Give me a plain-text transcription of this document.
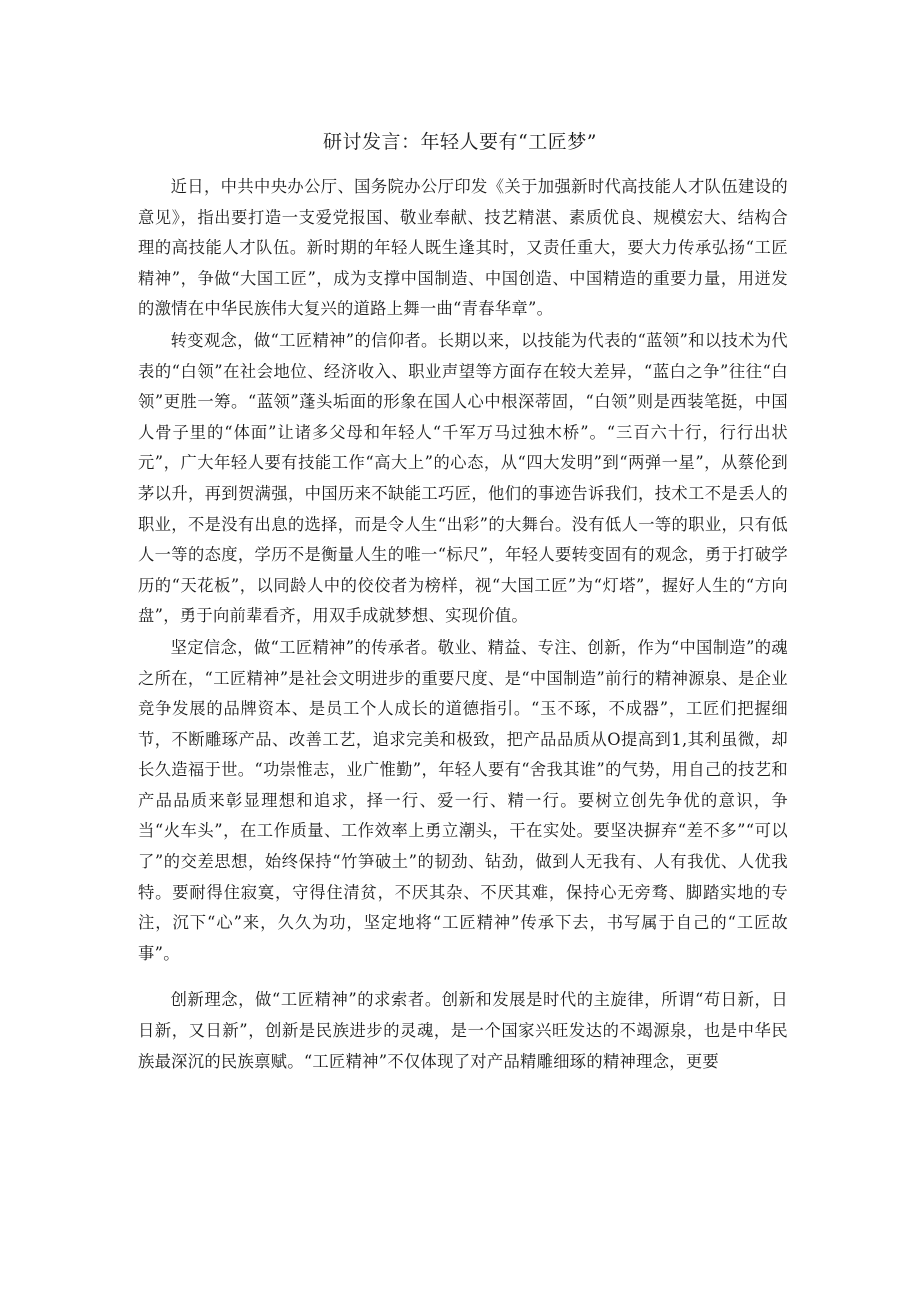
研讨发言：年轻人要有“工匠梦”

近日，中共中央办公厅、国务院办公厅印发《关于加强新时代高技能人才队伍建设的意见》，指出要打造一支爱党报国、敬业奉献、技艺精湛、素质优良、规模宏大、结构合理的高技能人才队伍。新时期的年轻人既生逢其时，又责任重大，要大力传承弘扬“工匠精神”，争做“大国工匠”，成为支撑中国制造、中国创造、中国精造的重要力量，用迸发的激情在中华民族伟大复兴的道路上舞一曲“青春华章”。

转变观念，做“工匠精神”的信仰者。长期以来，以技能为代表的“蓝领”和以技术为代表的“白领”在社会地位、经济收入、职业声望等方面存在较大差异，“蓝白之争”往往“白领”更胜一筹。“蓝领”蓬头垢面的形象在国人心中根深蒂固，“白领”则是西装笔挺，中国人骨子里的“体面”让诸多父母和年轻人“千军万马过独木桥”。“三百六十行，行行出状元”，广大年轻人要有技能工作“高大上”的心态，从“四大发明”到“两弹一星”，从蔡伦到茅以升，再到贺满强，中国历来不缺能工巧匠，他们的事迹告诉我们，技术工不是丢人的职业，不是没有出息的选择，而是令人生“出彩”的大舞台。没有低人一等的职业，只有低人一等的态度，学历不是衡量人生的唯一“标尺”，年轻人要转变固有的观念，勇于打破学历的“天花板”，以同龄人中的佼佼者为榜样，视“大国工匠”为“灯塔”，握好人生的“方向盘”，勇于向前辈看齐，用双手成就梦想、实现价值。

坚定信念，做“工匠精神”的传承者。敬业、精益、专注、创新，作为“中国制造”的魂之所在，“工匠精神”是社会文明进步的重要尺度、是“中国制造”前行的精神源泉、是企业竞争发展的品牌资本、是员工个人成长的道德指引。“玉不琢，不成器”，工匠们把握细节，不断雕琢产品、改善工艺，追求完美和极致，把产品品质从O提高到1,其利虽微，却长久造福于世。“功崇惟志，业广惟勤”，年轻人要有“舍我其谁”的气势，用自己的技艺和产品品质来彰显理想和追求，择一行、爱一行、精一行。要树立创先争优的意识，争当“火车头”，在工作质量、工作效率上勇立潮头，干在实处。要坚决摒弃“差不多”“可以了”的交差思想，始终保持“竹笋破土”的韧劲、钻劲，做到人无我有、人有我优、人优我特。要耐得住寂寞，守得住清贫，不厌其杂、不厌其难，保持心无旁骛、脚踏实地的专注，沉下“心”来，久久为功，坚定地将“工匠精神”传承下去，书写属于自己的“工匠故事”。

创新理念，做“工匠精神”的求索者。创新和发展是时代的主旋律，所谓“苟日新，日日新，又日新”，创新是民族进步的灵魂，是一个国家兴旺发达的不竭源泉，也是中华民族最深沉的民族禀赋。“工匠精神”不仅体现了对产品精雕细琢的精神理念，更要
